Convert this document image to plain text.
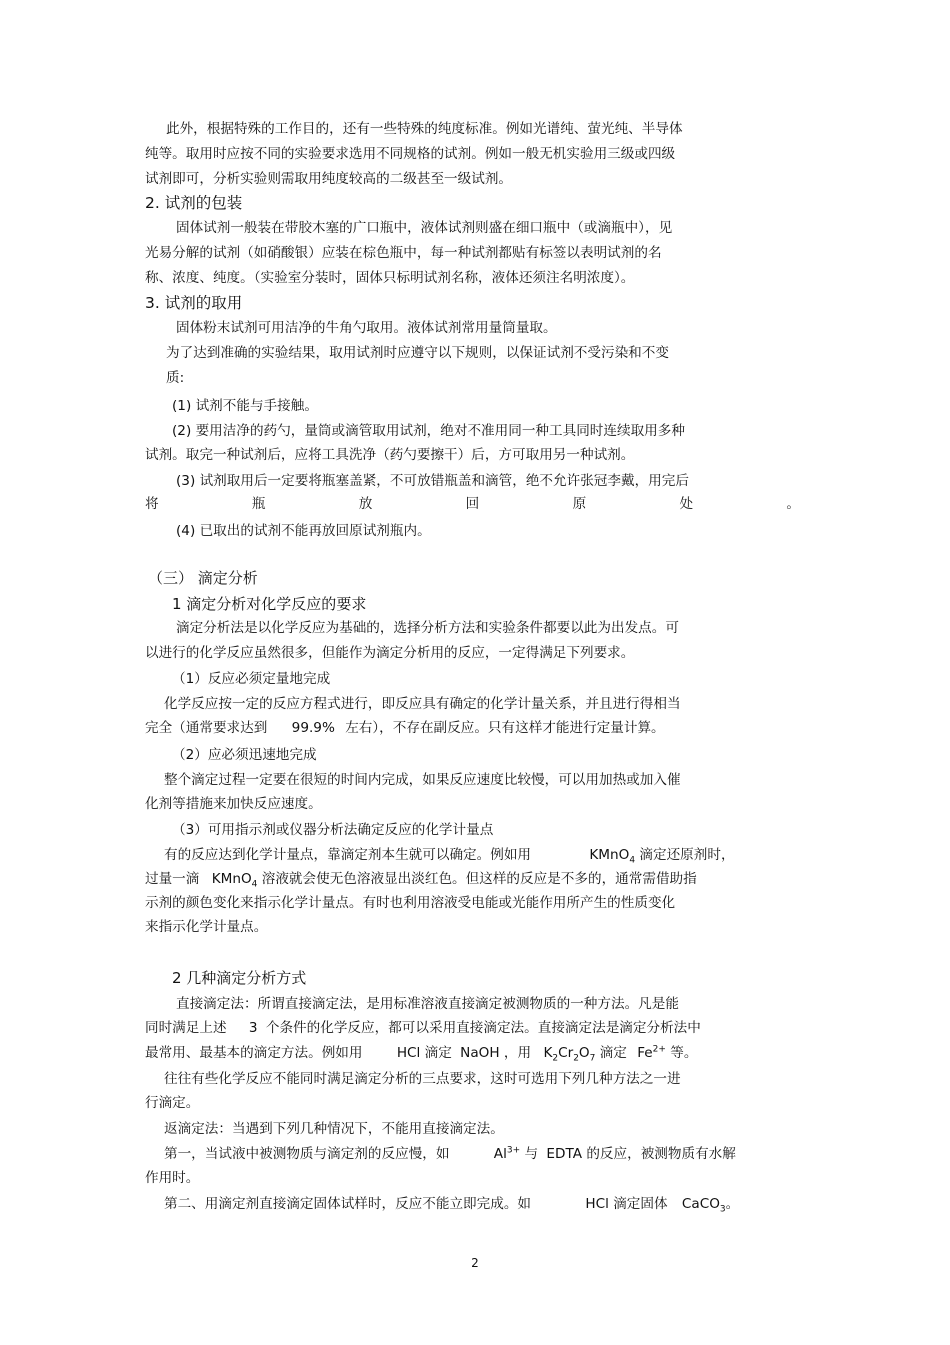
此外，根据特殊的工作目的，还有一些特殊的纯度标准。例如光谱纯、萤光纯、半导体
纯等。取用时应按不同的实验要求选用不同规格的试剂。例如一般无机实验用三级或四级
试剂即可，分析实验则需取用纯度较高的二级甚至一级试剂。
2. 试剂的包装
固体试剂一般装在带胶木塞的广口瓶中，液体试剂则盛在细口瓶中（或滴瓶中），见
光易分解的试剂（如硝酸银）应装在棕色瓶中，每一种试剂都贴有标签以表明试剂的名
称、浓度、纯度。（实验室分装时，固体只标明试剂名称，液体还须注名明浓度）。
3. 试剂的取用
固体粉末试剂可用洁净的牛角勺取用。液体试剂常用量筒量取。
为了达到准确的实验结果，取用试剂时应遵守以下规则，以保证试剂不受污染和不变
质:
(1) 试剂不能与手接触。
(2) 要用洁净的药勺，量筒或滴管取用试剂，绝对不准用同一种工具同时连续取用多种
试剂。取完一种试剂后，应将工具洗净（药勺要擦干）后，方可取用另一种试剂。
(3) 试剂取用后一定要将瓶塞盖紧，不可放错瓶盖和滴管，绝不允许张冠李戴，用完后
将	瓶	放	回	原	处	。
(4) 已取出的试剂不能再放回原试剂瓶内。
（三） 滴定分析
1 滴定分析对化学反应的要求
滴定分析法是以化学反应为基础的，选择分析方法和实验条件都要以此为出发点。可
以进行的化学反应虽然很多，但能作为滴定分析用的反应，一定得满足下列要求。
（1）反应必须定量地完成
化学反应按一定的反应方程式进行，即反应具有确定的化学计量关系，并且进行得相当
完全（通常要求达到 99.9% 左右），不存在副反应。只有这样才能进行定量计算。
（2）应必须迅速地完成
整个滴定过程一定要在很短的时间内完成，如果反应速度比较慢，可以用加热或加入催
化剂等措施来加快反应速度。
（3）可用指示剂或仪器分析法确定反应的化学计量点
有的反应达到化学计量点，靠滴定剂本生就可以确定。例如用	KMnO$_4$ 滴定还原剂时，
过量一滴 KMnO$_4$ 溶液就会使无色溶液显出淡红色。但这样的反应是不多的，通常需借助指
示剂的颜色变化来指示化学计量点。有时也利用溶液受电能或光能作用所产生的性质变化
来指示化学计量点。
2 几种滴定分析方式
直接滴定法：所谓直接滴定法，是用标准溶液直接滴定被测物质的一种方法。凡是能
同时满足上述 3 个条件的化学反应，都可以采用直接滴定法。直接滴定法是滴定分析法中
最常用、最基本的滴定方法。例如用	HCl 滴定 NaOH ，用 $K_2Cr_2O_7$ 滴定 $Fe^{2+}$ 等。
往往有些化学反应不能同时满足滴定分析的三点要求，这时可选用下列几种方法之一进
行滴定。
返滴定法：当遇到下列几种情况下，不能用直接滴定法。
第一，当试液中被测物质与滴定剂的反应慢，如	$Al^{3+}$ 与 EDTA 的反应，被测物质有水解
作用时。
第二、用滴定剂直接滴定固体试样时，反应不能立即完成。如	HCl 滴定固体 CaCO$_3$。
2
